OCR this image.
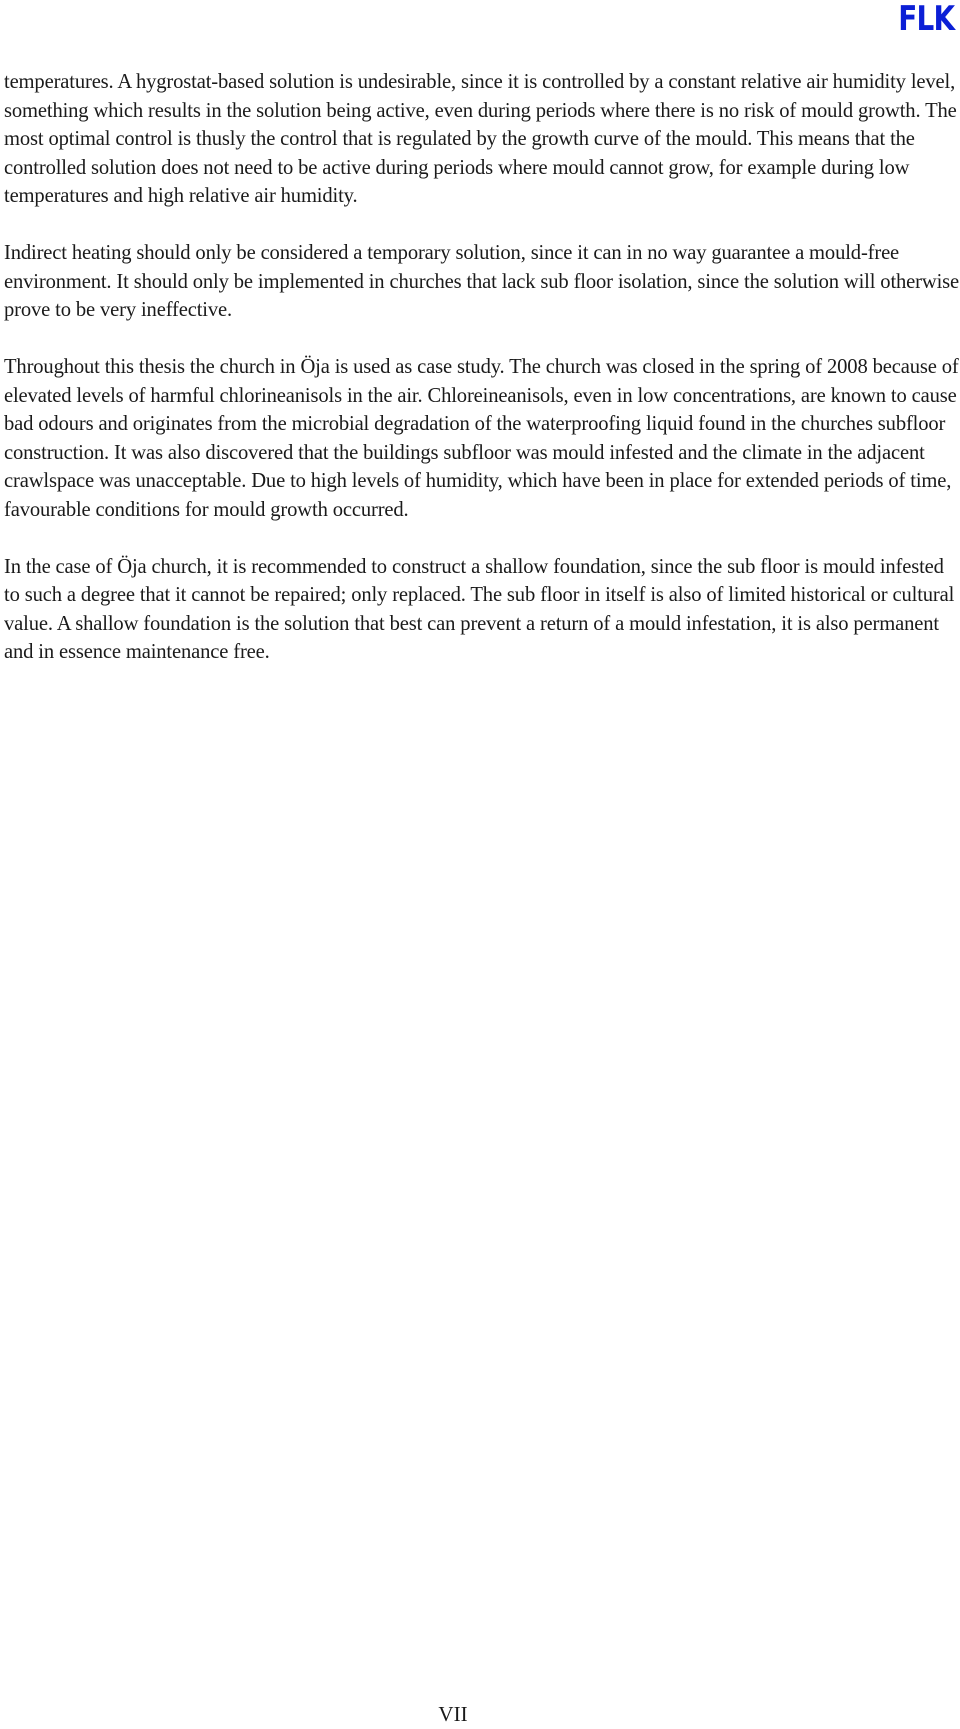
FLK

temperatures. A hygrostat-based solution is undesirable, since it is controlled by a constant relative air humidity level, something which results in the solution being active, even during periods where there is no risk of mould growth. The most optimal control is thusly the control that is regulated by the growth curve of the mould. This means that the controlled solution does not need to be active during periods where mould cannot grow, for example during low temperatures and high relative air humidity.

Indirect heating should only be considered a temporary solution, since it can in no way guarantee a mould-free environment. It should only be implemented in churches that lack sub floor isolation, since the solution will otherwise prove to be very ineffective.

Throughout this thesis the church in Öja is used as case study. The church was closed in the spring of 2008 because of elevated levels of harmful chlorineanisols in the air. Chloreineanisols, even in low concentrations, are known to cause bad odours and originates from the microbial degradation of the waterproofing liquid found in the churches subfloor construction. It was also discovered that the buildings subfloor was mould infested and the climate in the adjacent crawlspace was unacceptable. Due to high levels of humidity, which have been in place for extended periods of time, favourable conditions for mould growth occurred.

In the case of Öja church, it is recommended to construct a shallow foundation, since the sub floor is mould infested to such a degree that it cannot be repaired; only replaced. The sub floor in itself is also of limited historical or cultural value. A shallow foundation is the solution that best can prevent a return of a mould infestation, it is also permanent and in essence maintenance free.

VII
